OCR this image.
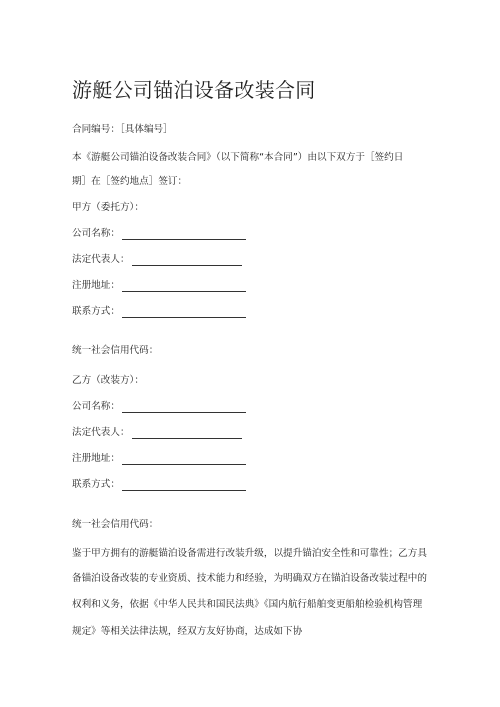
游艇公司锚泊设备改装合同
合同编号：［具体编号］
本《游艇公司锚泊设备改装合同》（以下简称“本合同”）由以下双方于［签约日
期］在［签约地点］签订：
甲方（委托方）：
公司名称：
法定代表人：
注册地址：
联系方式：
统一社会信用代码：
乙方（改装方）：
公司名称：
法定代表人：
注册地址：
联系方式：
统一社会信用代码：
鉴于甲方拥有的游艇锚泊设备需进行改装升级，以提升锚泊安全性和可靠性；乙方具
备锚泊设备改装的专业资质、技术能力和经验，为明确双方在锚泊设备改装过程中的
权利和义务，依据《中华人民共和国民法典》《国内航行船舶变更船舶检验机构管理
规定》等相关法律法规，经双方友好协商，达成如下协
